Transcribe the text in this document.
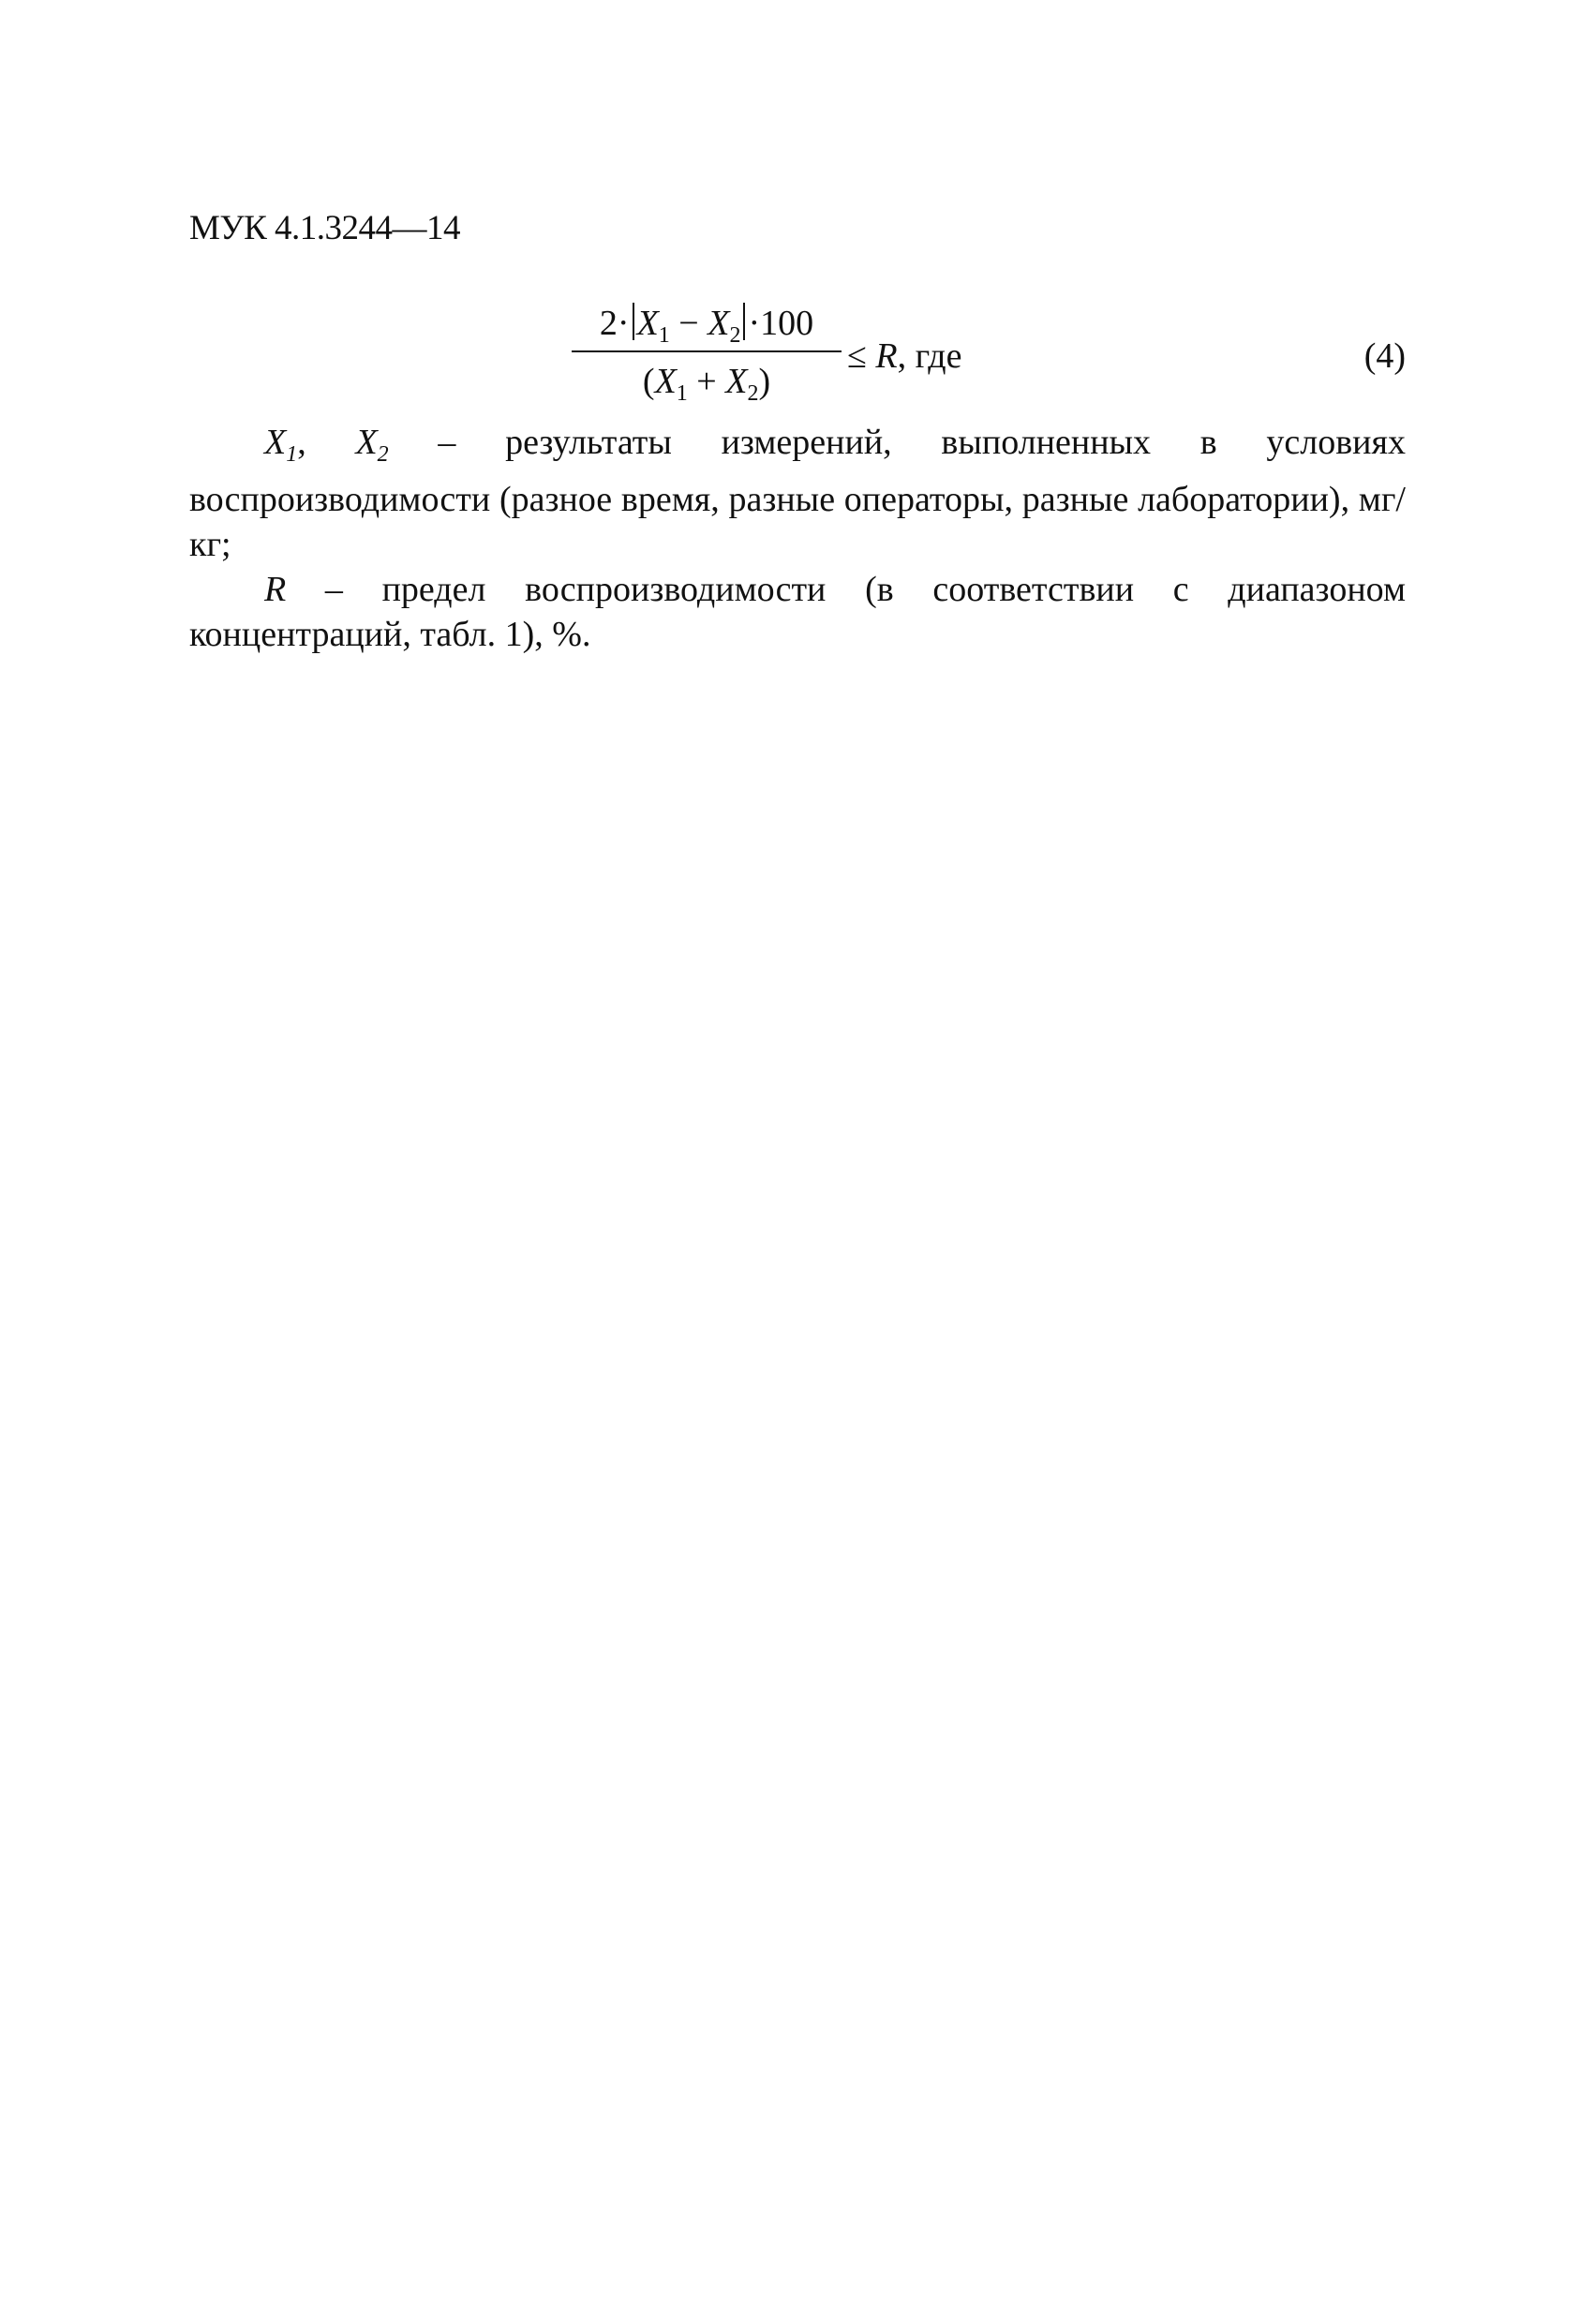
МУК 4.1.3244—14
$2\cdot X_1 - X_2 \cdot 100$
$(X_1 + X_2)$
≤ R, где	(4)

$X_1$, $X_2$ – результаты измерений, выполненных в условиях воспроизводимости (разное время, разные операторы, разные лаборатории), мг/кг;

R – предел воспроизводимости (в соответствии с диапазоном концентраций, табл. 1), %.
